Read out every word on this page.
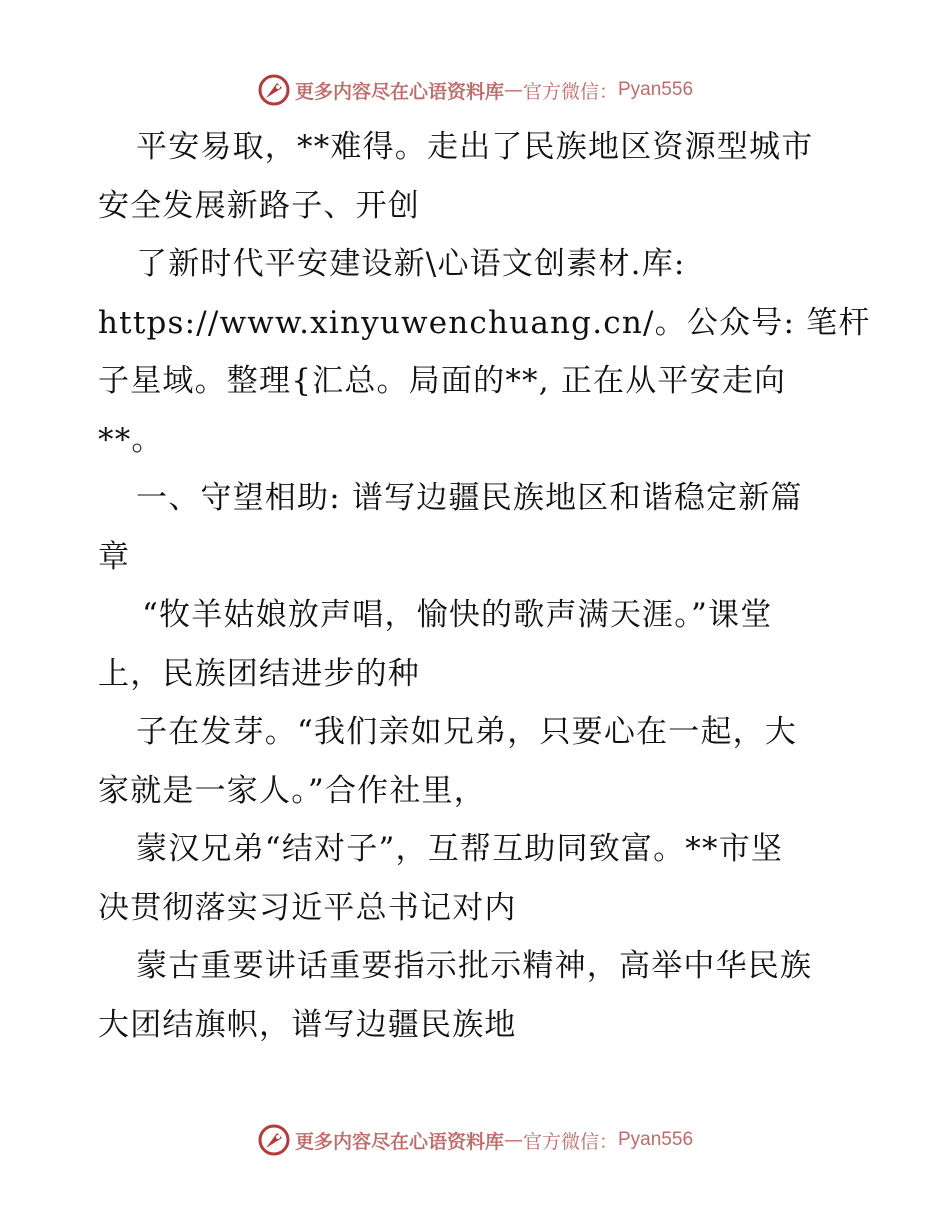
更多内容尽在心语资料库 — 官方微信： Pyan556
平安易取，**难得。走出了民族地区资源型城市
安全发展新路子、开创
了新时代平安建设新\心语文创素材.库:
https://www.xinyuwenchuang.cn/。公众号: 笔杆
子星域。整理{汇总。局面的**, 正在从平安走向
**。
一、守望相助: 谱写边疆民族地区和谐稳定新篇
章
“牧羊姑娘放声唱，愉快的歌声满天涯。”课堂
上，民族团结进步的种
子在发芽。“我们亲如兄弟，只要心在一起，大
家就是一家人。”合作社里，
蒙汉兄弟“结对子”，互帮互助同致富。**市坚
决贯彻落实习近平总书记对内
蒙古重要讲话重要指示批示精神，高举中华民族
大团结旗帜，谱写边疆民族地
更多内容尽在心语资料库 — 官方微信： Pyan556
